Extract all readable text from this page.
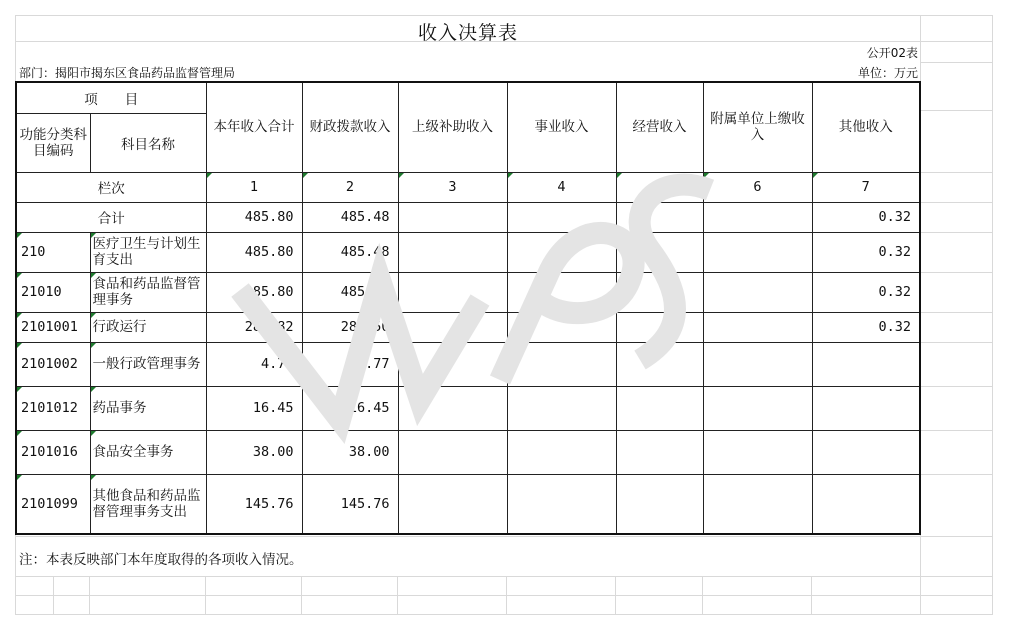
收入决算表
公开02表
部门：揭阳市揭东区食品药品监督管理局	单位：万元
项　　目		本年收入合计	财政拨款收入	上级补助收入	事业收入	经营收入	附属单位上缴收入	其他收入
功能分类科目编码	科目名称							
栏次		1	2	3	4	5	6	7
合计		485.80	485.48					0.32
210	医疗卫生与计划生育支出	485.80	485.48					0.32
21010	食品和药品监督管理事务	485.80	485.48					0.32
2101001	行政运行	280.82	280.50					0.32
2101002	一般行政管理事务	4.77	4.77					
2101012	药品事务	16.45	16.45					
2101016	食品安全事务	38.00	38.00					
2101099	其他食品和药品监督管理事务支出	145.76	145.76					
注：本表反映部门本年度取得的各项收入情况。
